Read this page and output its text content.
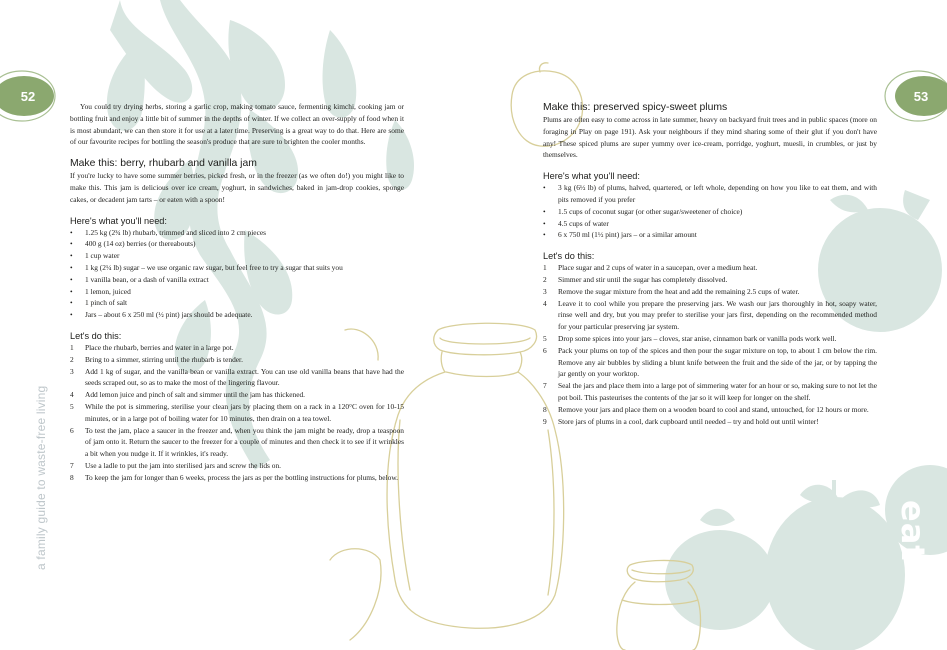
52	53
a family guide to waste-free living	eat

You could try drying herbs, storing a garlic crop, making tomato sauce, fermenting kimchi, cooking jam or bottling fruit and enjoy a little bit of summer in the depths of winter. If we collect an over-supply of food when it is most abundant, we can then store it for use at a later time. Preserving is a great way to do that. Here are some of our favourite recipes for bottling the season's produce that are sure to brighten the cooler months.

Make this: berry, rhubarb and vanilla jam

If you're lucky to have some summer berries, picked fresh, or in the freezer (as we often do!) you might like to make this. This jam is delicious over ice cream, yoghurt, in sandwiches, baked in jam-drop cookies, sponge cakes, or decadent jam tarts – or eaten with a spoon!

Here's what you'll need:
• 1.25 kg (2¾ lb) rhubarb, trimmed and sliced into 2 cm pieces
• 400 g (14 oz) berries (or thereabouts)
• 1 cup water
• 1 kg (2¼ lb) sugar – we use organic raw sugar, but feel free to try a sugar that suits you
• 1 vanilla bean, or a dash of vanilla extract
• 1 lemon, juiced
• 1 pinch of salt
• Jars – about 6 x 250 ml (½ pint) jars should be adequate.
Let's do this:
1 Place the rhubarb, berries and water in a large pot.
2 Bring to a simmer, stirring until the rhubarb is tender.
3 Add 1 kg of sugar, and the vanilla bean or vanilla extract. You can use old vanilla beans that have had the seeds scraped out, so as to make the most of the lingering flavour.
4 Add lemon juice and pinch of salt and simmer until the jam has thickened.
5 While the pot is simmering, sterilise your clean jars by placing them on a rack in a 120°C oven for 10-15 minutes, or in a large pot of boiling water for 10 minutes, then drain on a tea towel.
6 To test the jam, place a saucer in the freezer and, when you think the jam might be ready, drop a teaspoon of jam onto it. Return the saucer to the freezer for a couple of minutes and then check it to see if it wrinkles a bit when you nudge it. If it wrinkles, it's ready.
7 Use a ladle to put the jam into sterilised jars and screw the lids on.
8 To keep the jam for longer than 6 weeks, process the jars as per the bottling instructions for plums, below.
Make this: preserved spicy-sweet plums

Plums are often easy to come across in late summer, heavy on backyard fruit trees and in public spaces (more on foraging in Play on page 191). Ask your neighbours if they mind sharing some of their glut if you don't have any! These spiced plums are super yummy over ice-cream, porridge, yoghurt, muesli, in crumbles, or just by themselves.

Here's what you'll need:
• 3 kg (6½ lb) of plums, halved, quartered, or left whole, depending on how you like to eat them, and with pits removed if you prefer
• 1.5 cups of coconut sugar (or other sugar/sweetener of choice)
• 4.5 cups of water
• 6 x 750 ml (1½ pint) jars – or a similar amount
Let's do this:
1 Place sugar and 2 cups of water in a saucepan, over a medium heat.
2 Simmer and stir until the sugar has completely dissolved.
3 Remove the sugar mixture from the heat and add the remaining 2.5 cups of water.
4 Leave it to cool while you prepare the preserving jars. We wash our jars thoroughly in hot, soapy water, rinse well and dry, but you may prefer to sterilise your jars first, depending on the recommended method for your particular preserving jar system.
5 Drop some spices into your jars – cloves, star anise, cinnamon bark or vanilla pods work well.
6 Pack your plums on top of the spices and then pour the sugar mixture on top, to about 1 cm below the rim. Remove any air bubbles by sliding a blunt knife between the fruit and the side of the jar, or by tapping the jar gently on your worktop.
7 Seal the jars and place them into a large pot of simmering water for an hour or so, making sure to not let the pot boil. This pasteurises the contents of the jar so it will keep for longer on the shelf.
8 Remove your jars and place them on a wooden board to cool and stand, untouched, for 12 hours or more.
9 Store jars of plums in a cool, dark cupboard until needed – try and hold out until winter!
